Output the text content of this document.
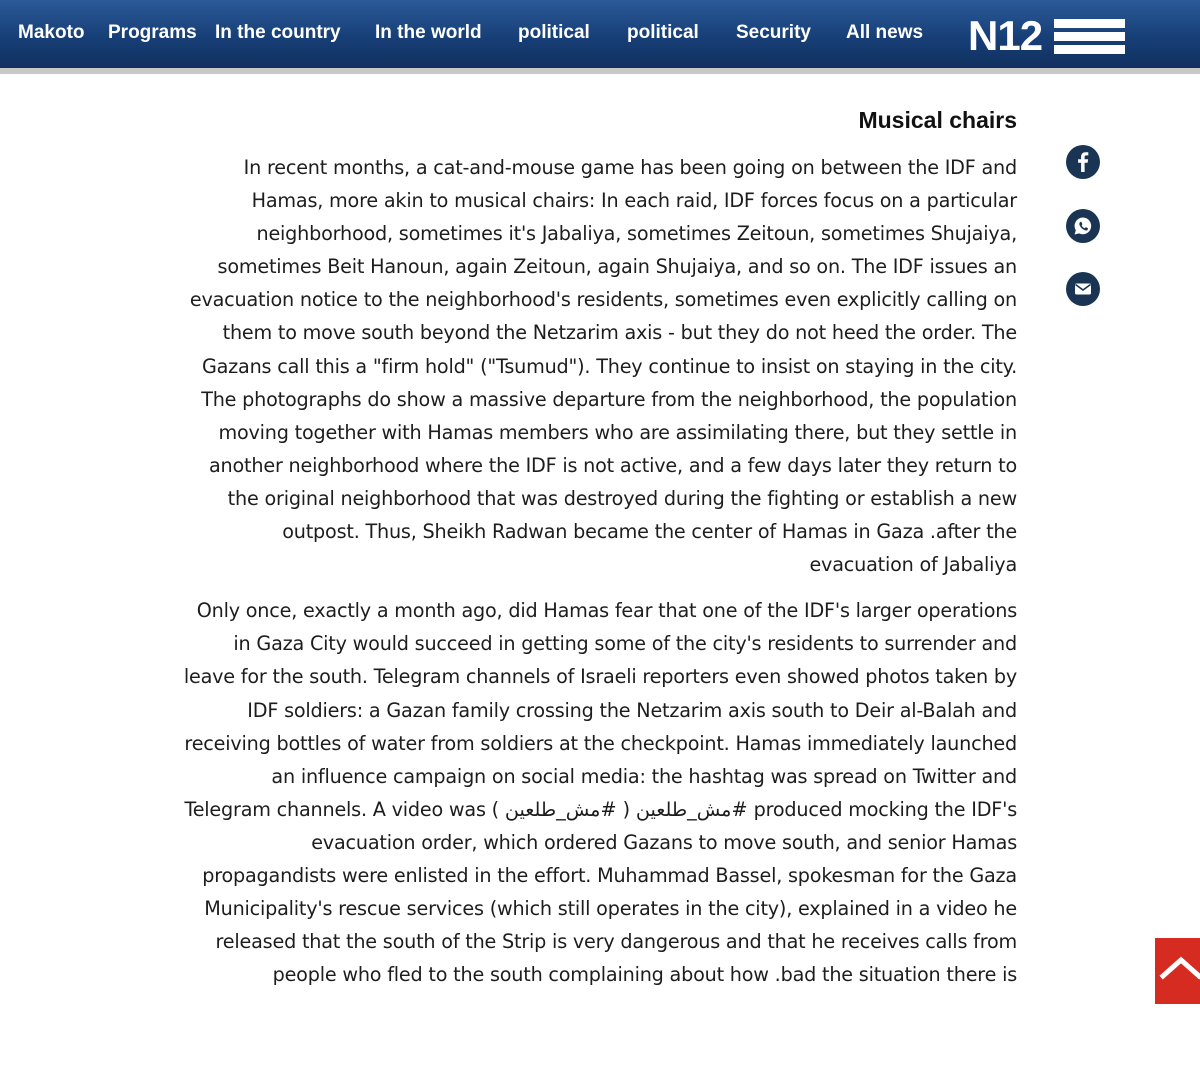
Makoto Programs In the country In the world political political Security All news N12
Musical chairs

In recent months, a cat-and-mouse game has been going on between the IDF and Hamas, more akin to musical chairs: In each raid, IDF forces focus on a particular neighborhood, sometimes it's Jabaliya, sometimes Zeitoun, sometimes Shujaiya, sometimes Beit Hanoun, again Zeitoun, again Shujaiya, and so on. The IDF issues an evacuation notice to the neighborhood's residents, sometimes even explicitly calling on them to move south beyond the Netzarim axis - but they do not heed the order. The Gazans call this a "firm hold" ("Tsumud"). They continue to insist on staying in the city. The photographs do show a massive departure from the neighborhood, the population moving together with Hamas members who are assimilating there, but they settle in another neighborhood where the IDF is not active, and a few days later they return to the original neighborhood that was destroyed during the fighting or establish a new outpost. Thus, Sheikh Radwan became the center of Hamas in Gaza .after the evacuation of Jabaliya

Only once, exactly a month ago, did Hamas fear that one of the IDF's larger operations in Gaza City would succeed in getting some of the city's residents to surrender and leave for the south. Telegram channels of Israeli reporters even showed photos taken by IDF soldiers: a Gazan family crossing the Netzarim axis south to Deir al-Balah and receiving bottles of water from soldiers at the checkpoint. Hamas immediately launched an influence campaign on social media: the hashtag was spread on Twitter and Telegram channels. A video was ( مش_طلعين# ) مش_طلعين# produced mocking the IDF's evacuation order, which ordered Gazans to move south, and senior Hamas propagandists were enlisted in the effort. Muhammad Bassel, spokesman for the Gaza Municipality's rescue services (which still operates in the city), explained in a video he released that the south of the Strip is very dangerous and that he receives calls from people who fled to the south complaining about how .bad the situation there is
